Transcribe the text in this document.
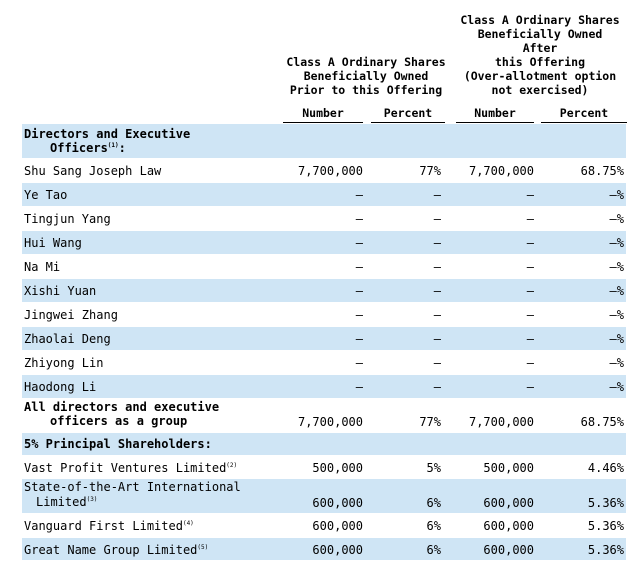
Class A Ordinary Shares
Beneficially Owned
Prior to this Offering
Class A Ordinary Shares
Beneficially Owned
After
this Offering
(Over-allotment option
not exercised)
Number	Percent	Number	Percent
Directors and Executive
Officers$^{(1)}$:
Shu Sang Joseph Law	7,700,000	77%	7,700,000	68.75%
Ye Tao	—	—	—	—%
Tingjun Yang	—	—	—	—%
Hui Wang	—	—	—	—%
Na Mi	—	—	—	—%
Xishi Yuan	—	—	—	—%
Jingwei Zhang	—	—	—	—%
Zhaolai Deng	—	—	—	—%
Zhiyong Lin	—	—	—	—%
Haodong Li	—	—	—	—%
All directors and executive
officers as a group	7,700,000	77%	7,700,000	68.75%
5% Principal Shareholders:
Vast Profit Ventures Limited$^{(2)}$	500,000	5%	500,000	4.46%
State-of-the-Art International
Limited$^{(3)}$	600,000	6%	600,000	5.36%
Vanguard First Limited$^{(4)}$	600,000	6%	600,000	5.36%
Great Name Group Limited$^{(5)}$	600,000	6%	600,000	5.36%
